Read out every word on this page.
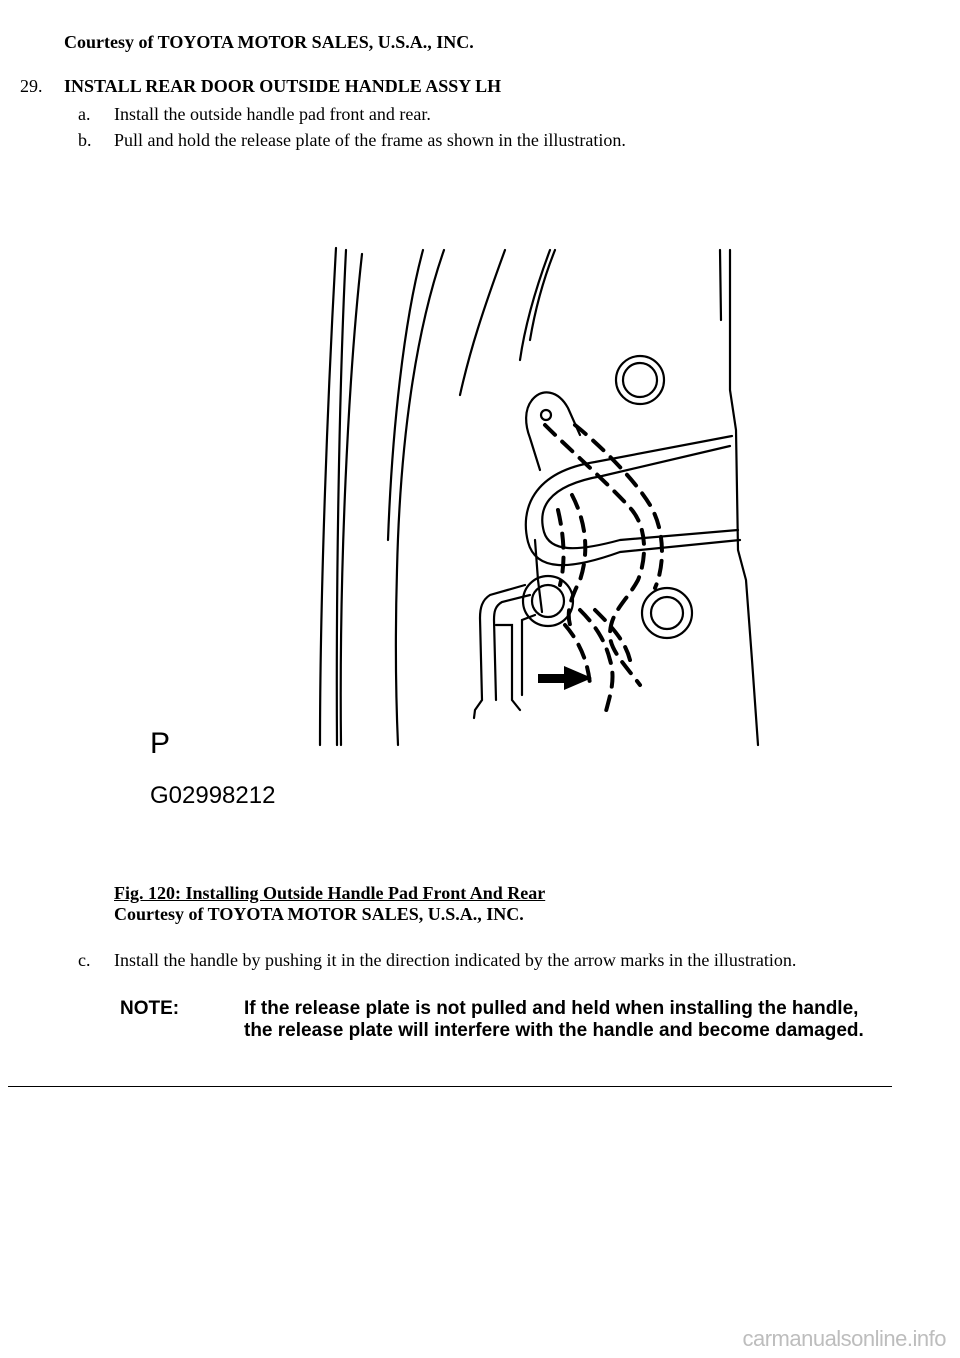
Courtesy of TOYOTA MOTOR SALES, U.S.A., INC.
29. INSTALL REAR DOOR OUTSIDE HANDLE ASSY LH
a. Install the outside handle pad front and rear.
b. Pull and hold the release plate of the frame as shown in the illustration.
P
G02998212
Fig. 120: Installing Outside Handle Pad Front And Rear
Courtesy of TOYOTA MOTOR SALES, U.S.A., INC.
c. Install the handle by pushing it in the direction indicated by the arrow marks in the illustration.
NOTE:	If the release plate is not pulled and held when installing the handle,
the release plate will interfere with the handle and become damaged.
carmanualsonline.info
